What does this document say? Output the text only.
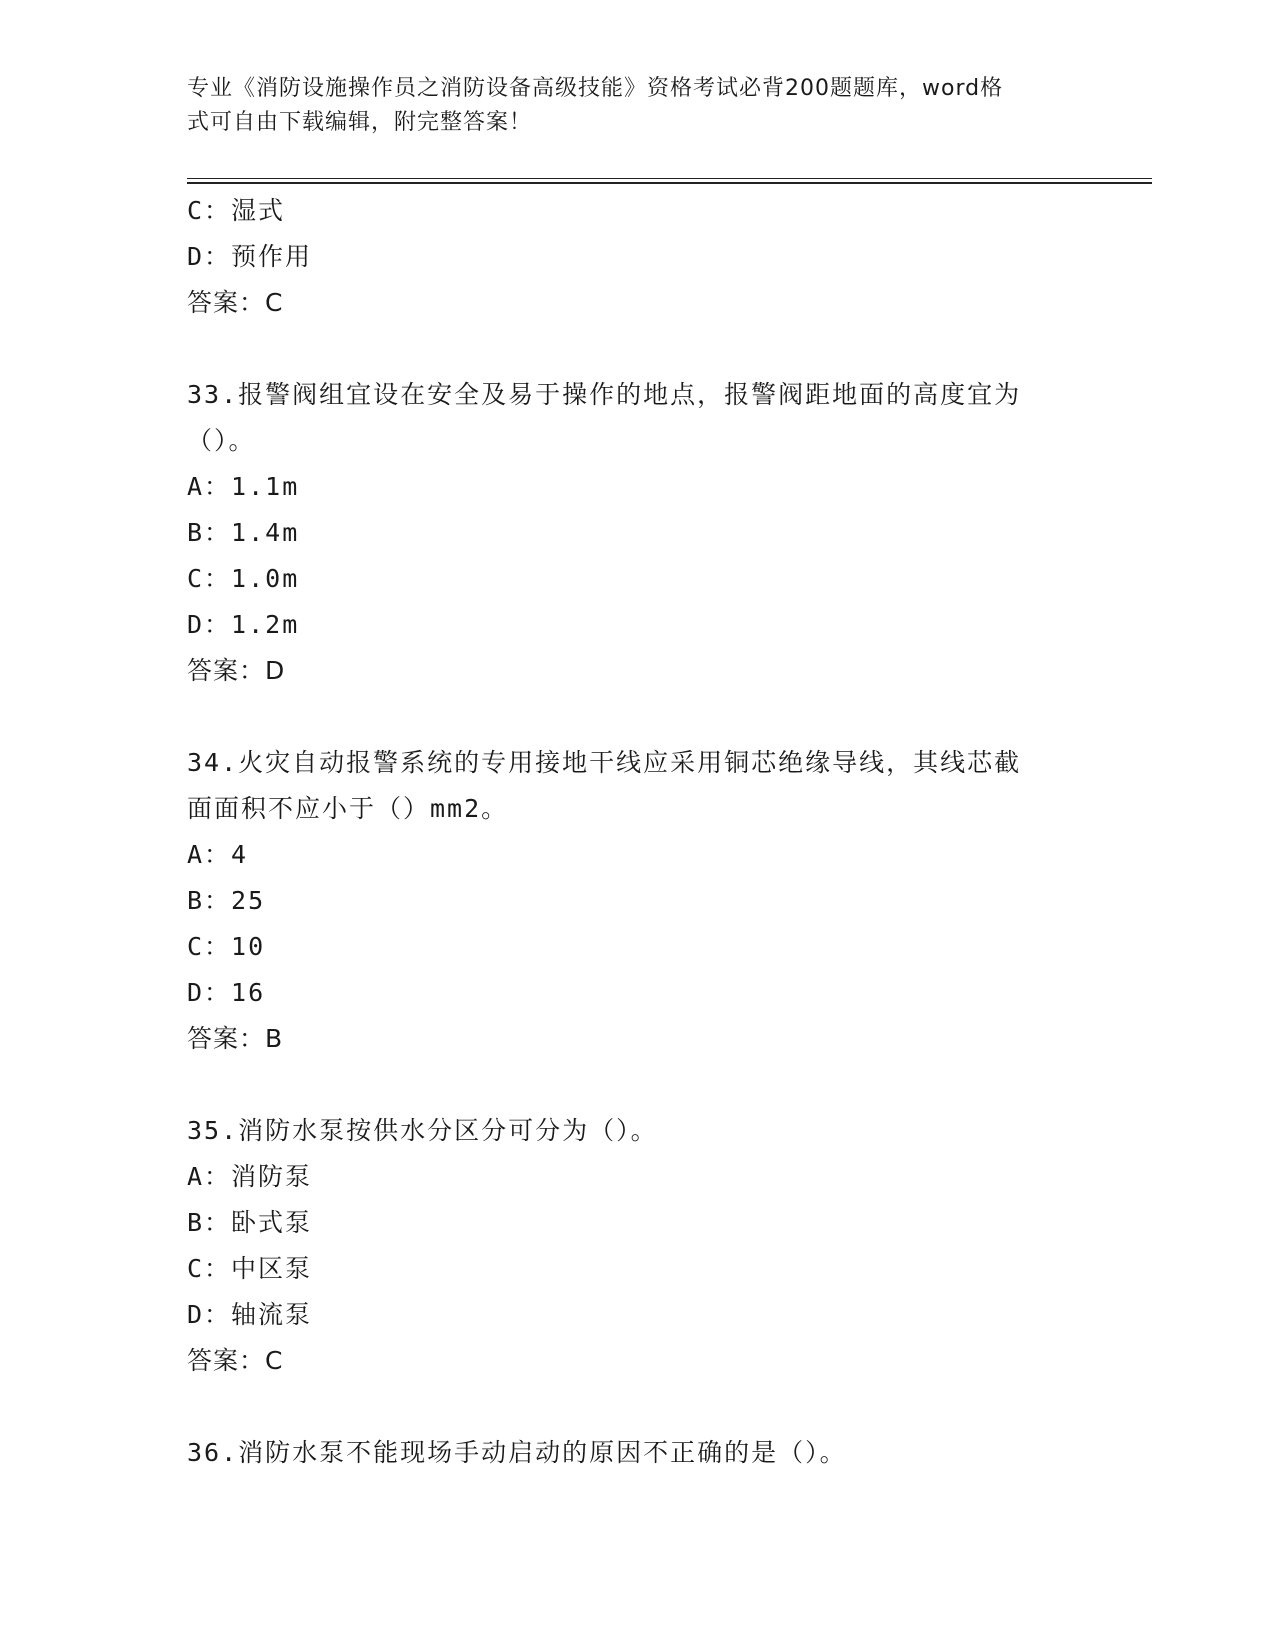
专业《消防设施操作员之消防设备高级技能》资格考试必背200题题库，word格
式可自由下载编辑，附完整答案！
C：湿式
D：预作用
答案：C
33.报警阀组宜设在安全及易于操作的地点，报警阀距地面的高度宜为
（）。
A：1.1m
B：1.4m
C：1.0m
D：1.2m
答案：D
34.火灾自动报警系统的专用接地干线应采用铜芯绝缘导线，其线芯截
面面积不应小于（）mm2。
A：4
B：25
C：10
D：16
答案：B
35.消防水泵按供水分区分可分为（）。
A：消防泵
B：卧式泵
C：中区泵
D：轴流泵
答案：C
36.消防水泵不能现场手动启动的原因不正确的是（）。
